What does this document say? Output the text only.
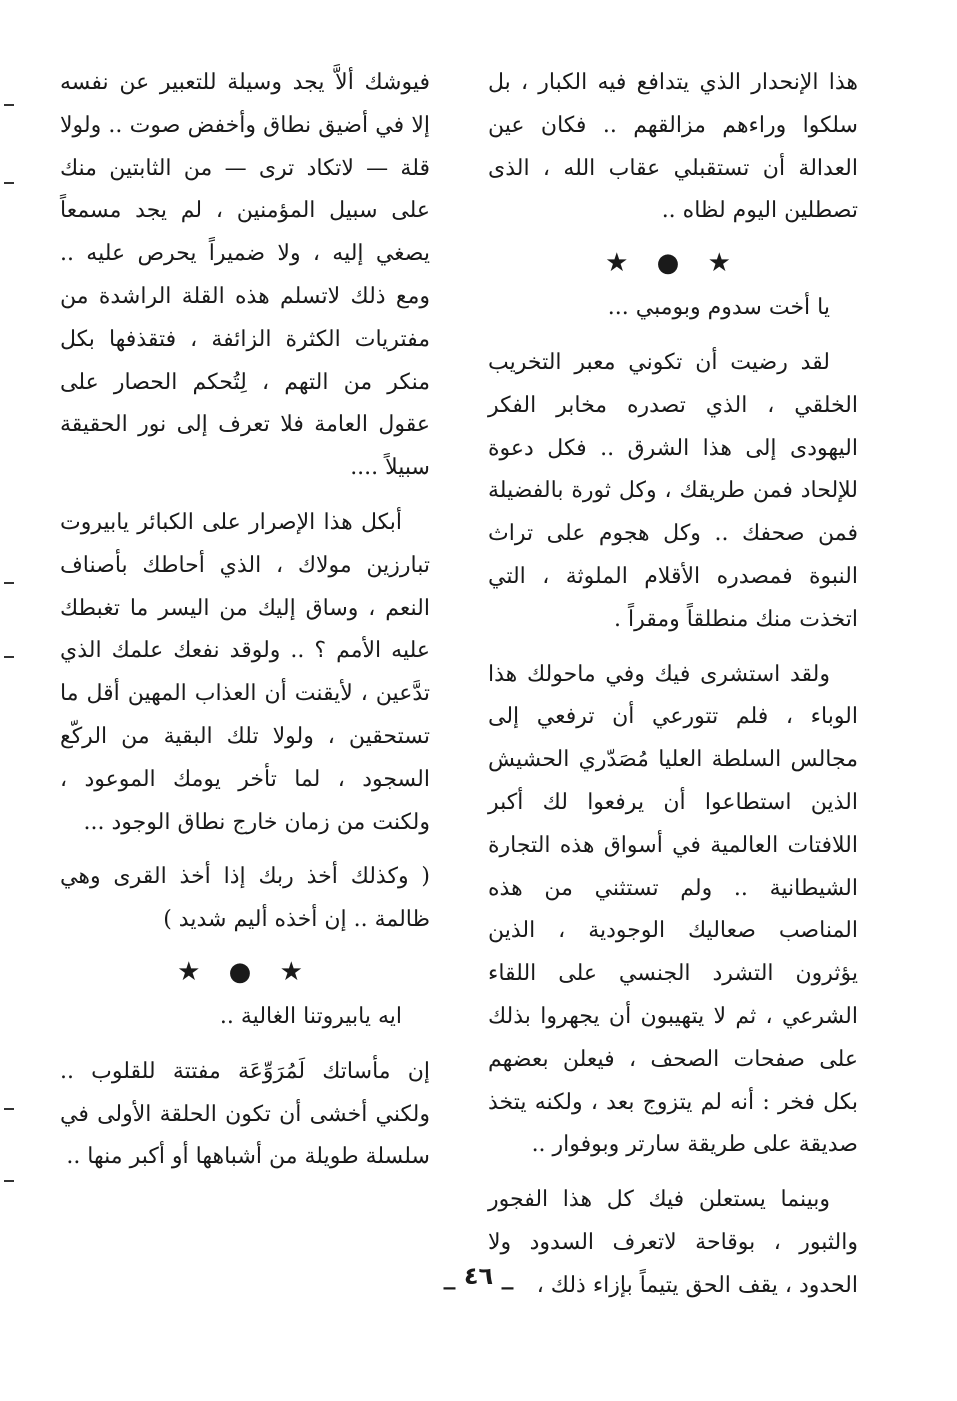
هذا الإنحدار الذي يتدافع فيه الكبار ، بل سلكوا وراءهم مزالقهم .. فكان عين العدالة أن تستقبلي عقاب الله ، الذى تصطلين اليوم لظاه ..

★ ● ★

يا أخت سدوم وبومبي ...

لقد رضيت أن تكوني معبر التخريب الخلقي ، الذي تصدره مخابر الفكر اليهودى إلى هذا الشرق .. فكل دعوة للإلحاد فمن طريقك ، وكل ثورة بالفضيلة فمن صحفك .. وكل هجوم على تراث النبوة فمصدره الأقلام الملوثة ، التي اتخذت منك منطلقاً ومقراً .

ولقد استشرى فيك وفي ماحولك هذا الوباء ، فلم تتورعي أن ترفعي إلى مجالس السلطة العليا مُصَدّري الحشيش الذين استطاعوا أن يرفعوا لك أكبر اللافتات العالمية في أسواق هذه التجارة الشيطانية .. ولم تستثني من هذه المناصب صعاليك الوجودية ، الذين يؤثرون التشرد الجنسي على اللقاء الشرعي ، ثم لا يتهيبون أن يجهروا بذلك على صفحات الصحف ، فيعلن بعضهم بكل فخر : أنه لم يتزوج بعد ، ولكنه يتخذ صديقة على طريقة سارتر وبوفوار ..

وبينما يستعلن فيك كل هذا الفجور والثبور ، بوقاحة لاتعرف السدود ولا الحدود ، يقف الحق يتيماً بإزاء ذلك ،

فيوشك ألاَّ يجد وسيلة للتعبير عن نفسه إلا في أضيق نطاق وأخفض صوت .. ولولا قلة — لاتكاد ترى — من الثابتين منك على سبيل المؤمنين ، لم يجد مسمعاً يصغي إليه ، ولا ضميراً يحرص عليه .. ومع ذلك لاتسلم هذه القلة الراشدة من مفتريات الكثرة الزائفة ، فتقذفها بكل منكر من التهم ، لِتُحكم الحصار على عقول العامة فلا تعرف إلى نور الحقيقة سبيلاً ....

أبكل هذا الإصرار على الكبائر يابيروت تبارزين مولاك ، الذي أحاطك بأصناف النعم ، وساق إليك من اليسر ما تغبطك عليه الأمم ؟ .. ولوقد نفعك علمك الذي تدَّعين ، لأيقنت أن العذاب المهين أقل ما تستحقين ، ولولا تلك البقية من الركّع السجود ، لما تأخر يومك الموعود ، ولكنت من زمان خارج نطاق الوجود ...

( وكذلك أخذ ربك إذا أخذ القرى وهي ظالمة .. إن أخذه أليم شديد )

★ ● ★

ايه يابيروتنا الغالية ..

إن مأساتك لَمُرَوِّعَة مفتتة للقلوب .. ولكني أخشى أن تكون الحلقة الأولى في سلسلة طويلة من أشباهها أو أكبر منها ..

_ ٤٦ _
